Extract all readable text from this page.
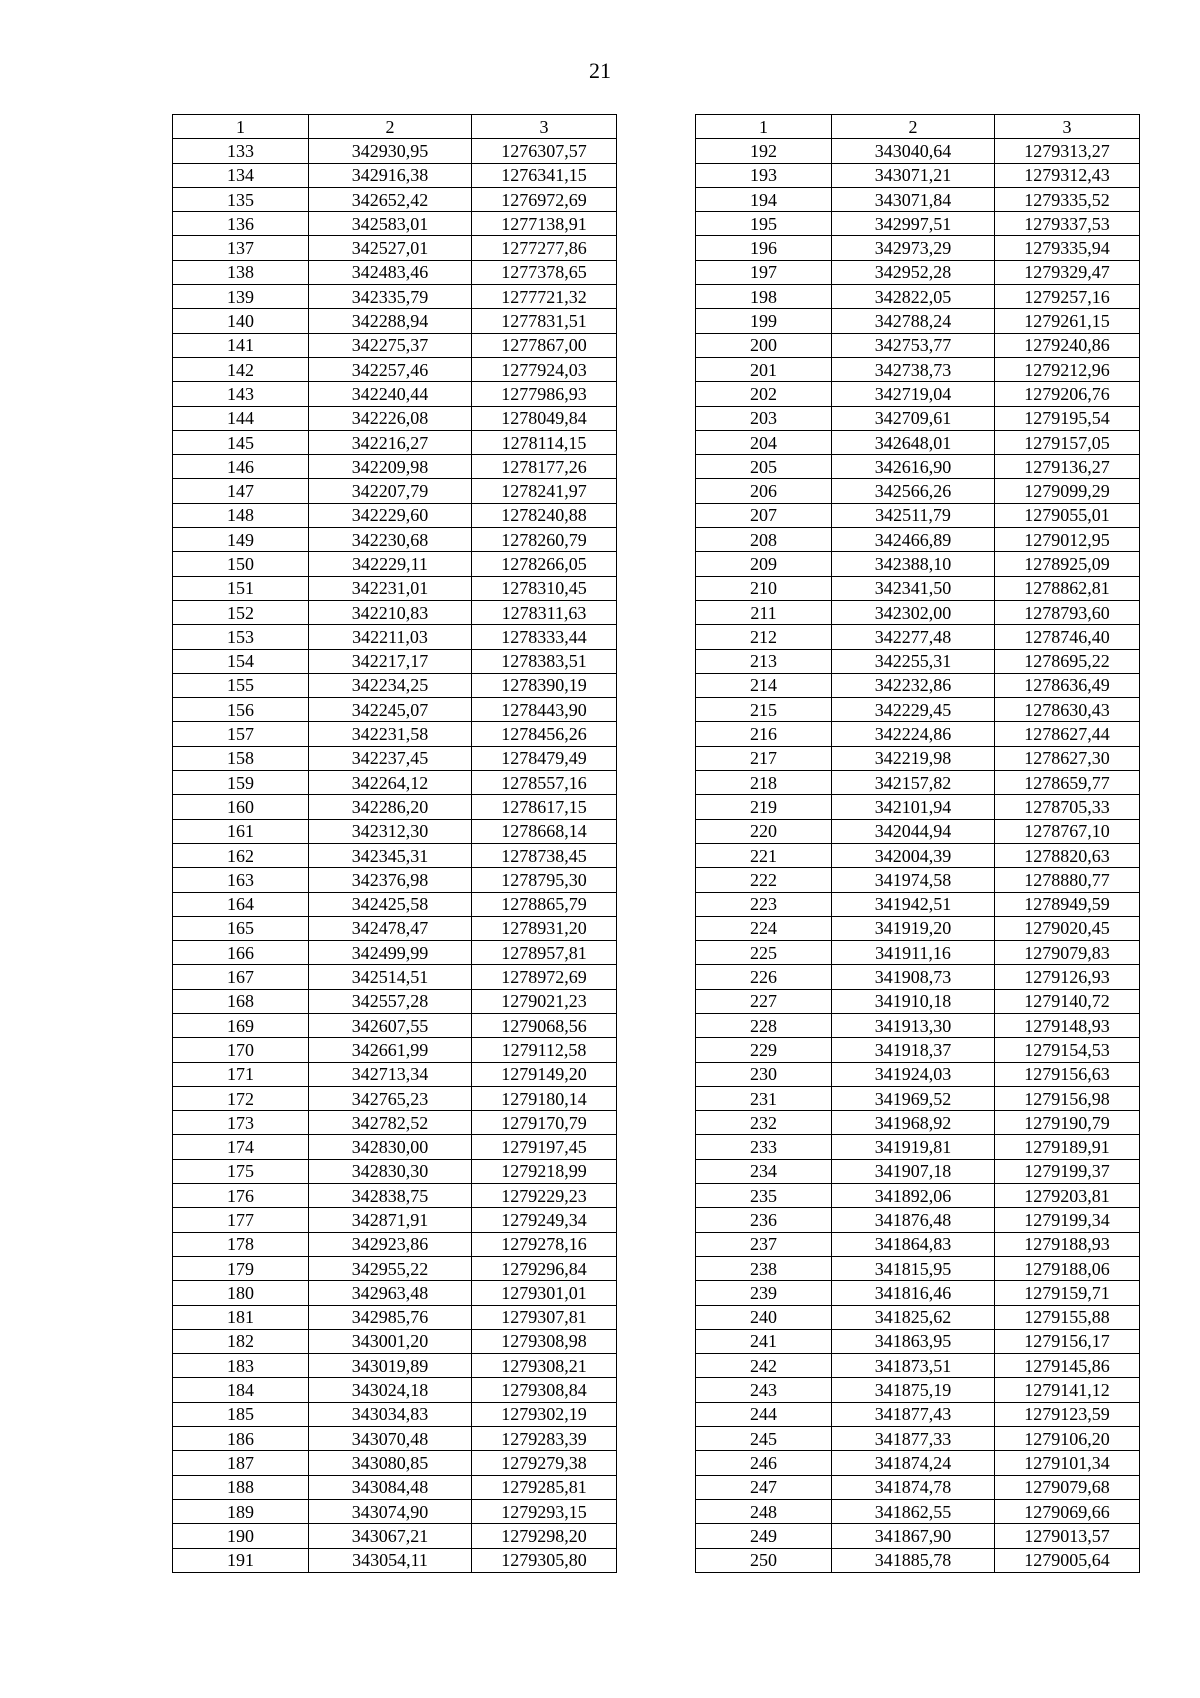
21
1	2	3
133	342930,95	1276307,57
134	342916,38	1276341,15
135	342652,42	1276972,69
136	342583,01	1277138,91
137	342527,01	1277277,86
138	342483,46	1277378,65
139	342335,79	1277721,32
140	342288,94	1277831,51
141	342275,37	1277867,00
142	342257,46	1277924,03
143	342240,44	1277986,93
144	342226,08	1278049,84
145	342216,27	1278114,15
146	342209,98	1278177,26
147	342207,79	1278241,97
148	342229,60	1278240,88
149	342230,68	1278260,79
150	342229,11	1278266,05
151	342231,01	1278310,45
152	342210,83	1278311,63
153	342211,03	1278333,44
154	342217,17	1278383,51
155	342234,25	1278390,19
156	342245,07	1278443,90
157	342231,58	1278456,26
158	342237,45	1278479,49
159	342264,12	1278557,16
160	342286,20	1278617,15
161	342312,30	1278668,14
162	342345,31	1278738,45
163	342376,98	1278795,30
164	342425,58	1278865,79
165	342478,47	1278931,20
166	342499,99	1278957,81
167	342514,51	1278972,69
168	342557,28	1279021,23
169	342607,55	1279068,56
170	342661,99	1279112,58
171	342713,34	1279149,20
172	342765,23	1279180,14
173	342782,52	1279170,79
174	342830,00	1279197,45
175	342830,30	1279218,99
176	342838,75	1279229,23
177	342871,91	1279249,34
178	342923,86	1279278,16
179	342955,22	1279296,84
180	342963,48	1279301,01
181	342985,76	1279307,81
182	343001,20	1279308,98
183	343019,89	1279308,21
184	343024,18	1279308,84
185	343034,83	1279302,19
186	343070,48	1279283,39
187	343080,85	1279279,38
188	343084,48	1279285,81
189	343074,90	1279293,15
190	343067,21	1279298,20
191	343054,11	1279305,80
1	2	3
192	343040,64	1279313,27
193	343071,21	1279312,43
194	343071,84	1279335,52
195	342997,51	1279337,53
196	342973,29	1279335,94
197	342952,28	1279329,47
198	342822,05	1279257,16
199	342788,24	1279261,15
200	342753,77	1279240,86
201	342738,73	1279212,96
202	342719,04	1279206,76
203	342709,61	1279195,54
204	342648,01	1279157,05
205	342616,90	1279136,27
206	342566,26	1279099,29
207	342511,79	1279055,01
208	342466,89	1279012,95
209	342388,10	1278925,09
210	342341,50	1278862,81
211	342302,00	1278793,60
212	342277,48	1278746,40
213	342255,31	1278695,22
214	342232,86	1278636,49
215	342229,45	1278630,43
216	342224,86	1278627,44
217	342219,98	1278627,30
218	342157,82	1278659,77
219	342101,94	1278705,33
220	342044,94	1278767,10
221	342004,39	1278820,63
222	341974,58	1278880,77
223	341942,51	1278949,59
224	341919,20	1279020,45
225	341911,16	1279079,83
226	341908,73	1279126,93
227	341910,18	1279140,72
228	341913,30	1279148,93
229	341918,37	1279154,53
230	341924,03	1279156,63
231	341969,52	1279156,98
232	341968,92	1279190,79
233	341919,81	1279189,91
234	341907,18	1279199,37
235	341892,06	1279203,81
236	341876,48	1279199,34
237	341864,83	1279188,93
238	341815,95	1279188,06
239	341816,46	1279159,71
240	341825,62	1279155,88
241	341863,95	1279156,17
242	341873,51	1279145,86
243	341875,19	1279141,12
244	341877,43	1279123,59
245	341877,33	1279106,20
246	341874,24	1279101,34
247	341874,78	1279079,68
248	341862,55	1279069,66
249	341867,90	1279013,57
250	341885,78	1279005,64
